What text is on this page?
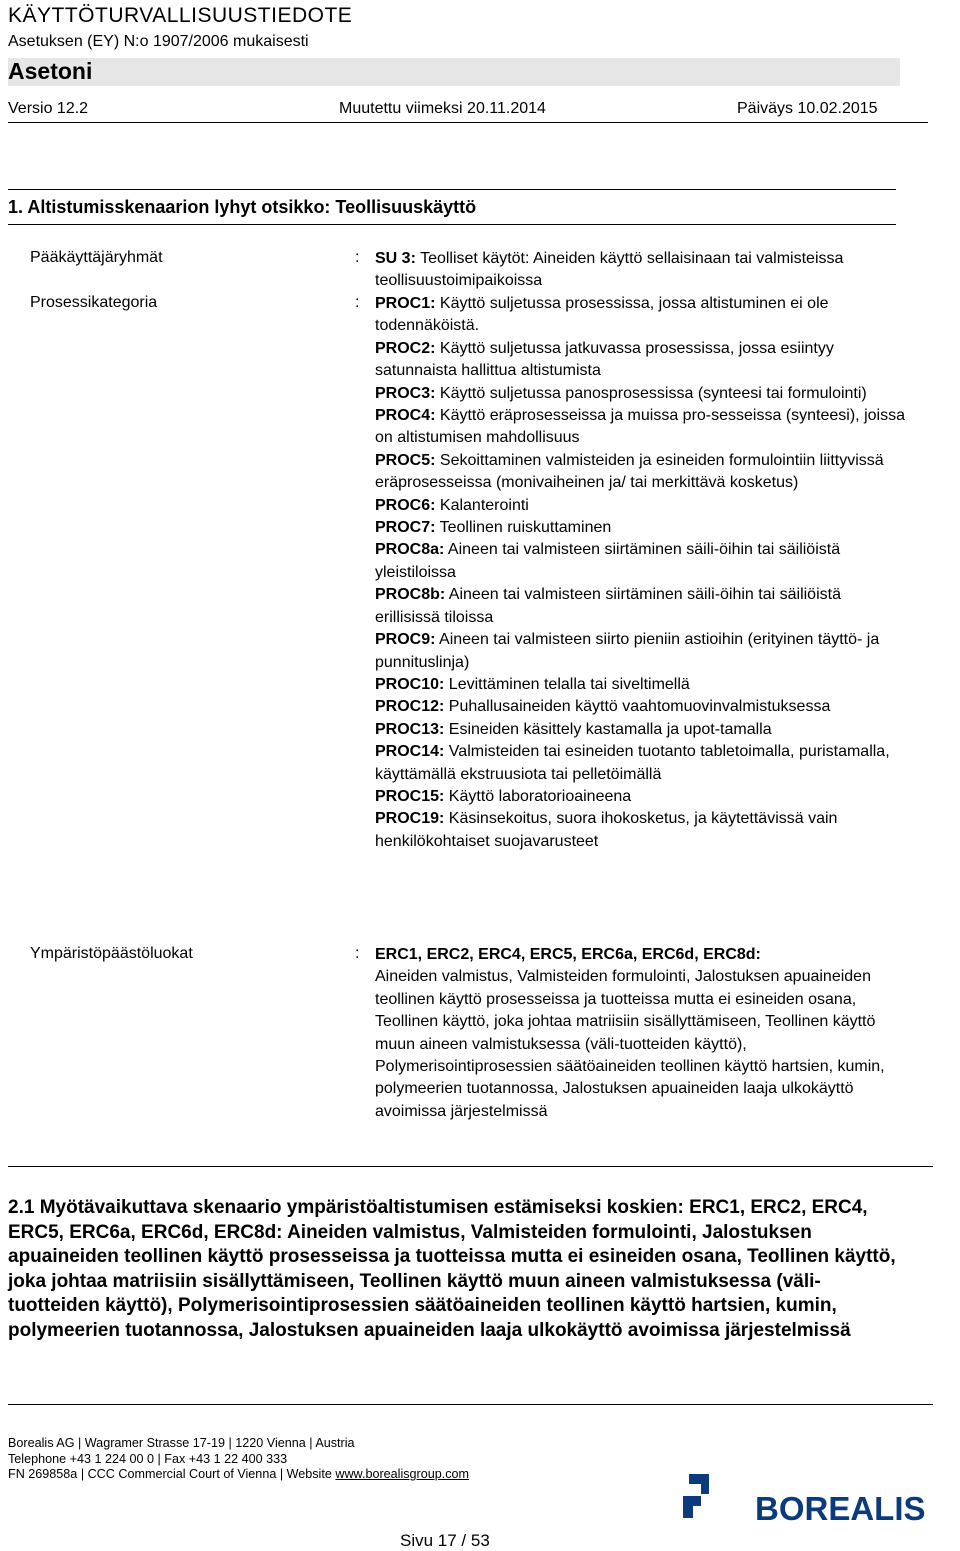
KÄYTTÖTURVALLISUUSTIEDOTE
Asetuksen (EY) N:o 1907/2006 mukaisesti
Asetoni
Versio 12.2	Muutettu viimeksi 20.11.2014	Päiväys 10.02.2015
1. Altistumisskenaarion lyhyt otsikko: Teollisuuskäyttö
Pääkäyttäjäryhmät	: SU 3: Teolliset käytöt: Aineiden käyttö sellaisinaan tai valmisteissa teollisuustoimipaikoissa

Prosessikategoria	: PROC1: Käyttö suljetussa prosessissa, jossa altistuminen ei ole todennäköistä.

PROC2: Käyttö suljetussa jatkuvassa prosessissa, jossa esiintyy satunnaista hallittua altistumista

PROC3: Käyttö suljetussa panosprosessissa (synteesi tai formulointi)

PROC4: Käyttö eräprosesseissa ja muissa pro-sesseissa (synteesi), joissa on altistumisen mahdollisuus

PROC5: Sekoittaminen valmisteiden ja esineiden formulointiin liittyvissä eräprosesseissa (monivaiheinen ja/ tai merkittävä kosketus)

PROC6: Kalanterointi

PROC7: Teollinen ruiskuttaminen

PROC8a: Aineen tai valmisteen siirtäminen säili-öihin tai säiliöistä yleistiloissa

PROC8b: Aineen tai valmisteen siirtäminen säili-öihin tai säiliöistä erillisissä tiloissa

PROC9: Aineen tai valmisteen siirto pieniin astioihin (erityinen täyttö- ja punnituslinja)

PROC10: Levittäminen telalla tai siveltimellä

PROC12: Puhallusaineiden käyttö vaahtomuovinvalmistuksessa

PROC13: Esineiden käsittely kastamalla ja upot-tamalla

PROC14: Valmisteiden tai esineiden tuotanto tabletoimalla, puristamalla, käyttämällä ekstruusiota tai pelletöimällä

PROC15: Käyttö laboratorioaineena

PROC19: Käsinsekoitus, suora ihokosketus, ja käytettävissä vain henkilökohtaiset suojavarusteet

Ympäristöpäästöluokat	: ERC1, ERC2, ERC4, ERC5, ERC6a, ERC6d, ERC8d:

Aineiden valmistus, Valmisteiden formulointi, Jalostuksen apuaineiden teollinen käyttö prosesseissa ja tuotteissa mutta ei esineiden osana, Teollinen käyttö, joka johtaa matriisiin sisällyttämiseen, Teollinen käyttö muun aineen valmistuksessa (väli-tuotteiden käyttö), Polymerisointiprosessien säätöaineiden teollinen käyttö hartsien, kumin, polymeerien tuotannossa, Jalostuksen apuaineiden laaja ulkokäyttö avoimissa järjestelmissä

2.1 Myötävaikuttava skenaario ympäristöaltistumisen estämiseksi koskien: ERC1, ERC2, ERC4, ERC5, ERC6a, ERC6d, ERC8d: Aineiden valmistus, Valmisteiden formulointi, Jalostuksen apuaineiden teollinen käyttö prosesseissa ja tuotteissa mutta ei esineiden osana, Teollinen käyttö, joka johtaa matriisiin sisällyttämiseen, Teollinen käyttö muun aineen valmistuksessa (väli-tuotteiden käyttö), Polymerisointiprosessien säätöaineiden teollinen käyttö hartsien, kumin, polymeerien tuotannossa, Jalostuksen apuaineiden laaja ulkokäyttö avoimissa järjestelmissä

Borealis AG | Wagramer Strasse 17-19 | 1220 Vienna | Austria
Telephone +43 1 224 00 0 | Fax +43 1 22 400 333
FN 269858a | CCC Commercial Court of Vienna | Website www.borealisgroup.com
BOREALIS
Sivu 17 / 53
